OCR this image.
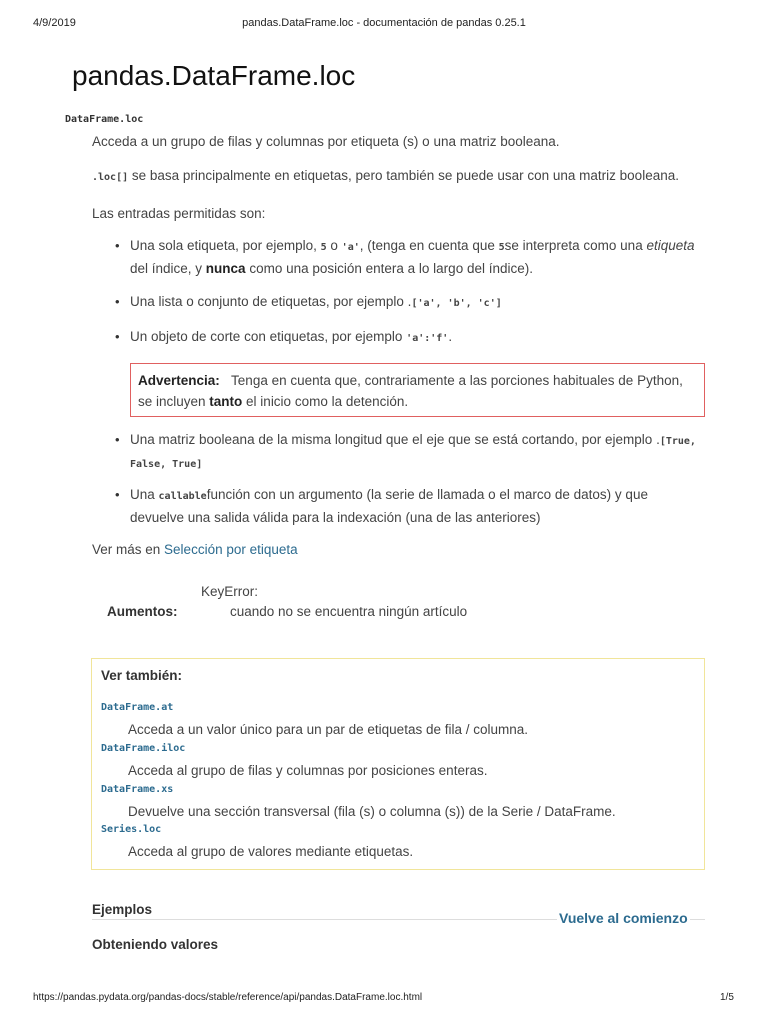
4/9/2019	pandas.DataFrame.loc - documentación de pandas 0.25.1
pandas.DataFrame.loc
DataFrame.loc
Acceda a un grupo de filas y columnas por etiqueta (s) o una matriz booleana.
.loc[] se basa principalmente en etiquetas, pero también se puede usar con una matriz booleana.
Las entradas permitidas son:
• Una sola etiqueta, por ejemplo, 5 o 'a', (tenga en cuenta que 5se interpreta como una etiqueta
del índice, y nunca como una posición entera a lo largo del índice).
• Una lista o conjunto de etiquetas, por ejemplo .['a', 'b', 'c']
• Un objeto de corte con etiquetas, por ejemplo 'a':'f'.
Advertencia: Tenga en cuenta que, contrariamente a las porciones habituales de Python,
se incluyen tanto el inicio como la detención.
• Una matriz booleana de la misma longitud que el eje que se está cortando, por ejemplo .[True,
False, True]
• Una callablefunción con un argumento (la serie de llamada o el marco de datos) y que
devuelve una salida válida para la indexación (una de las anteriores)
Ver más en Selección por etiqueta
Aumentos:
KeyError:
cuando no se encuentra ningún artículo
Ver también:
DataFrame.at
Acceda a un valor único para un par de etiquetas de fila / columna.
DataFrame.iloc
Acceda al grupo de filas y columnas por posiciones enteras.
DataFrame.xs
Devuelve una sección transversal (fila (s) o columna (s)) de la Serie / DataFrame.
Series.loc
Acceda al grupo de valores mediante etiquetas.
Ejemplos
Vuelve al comienzo
Obteniendo valores
https://pandas.pydata.org/pandas-docs/stable/reference/api/pandas.DataFrame.loc.html	1/5
